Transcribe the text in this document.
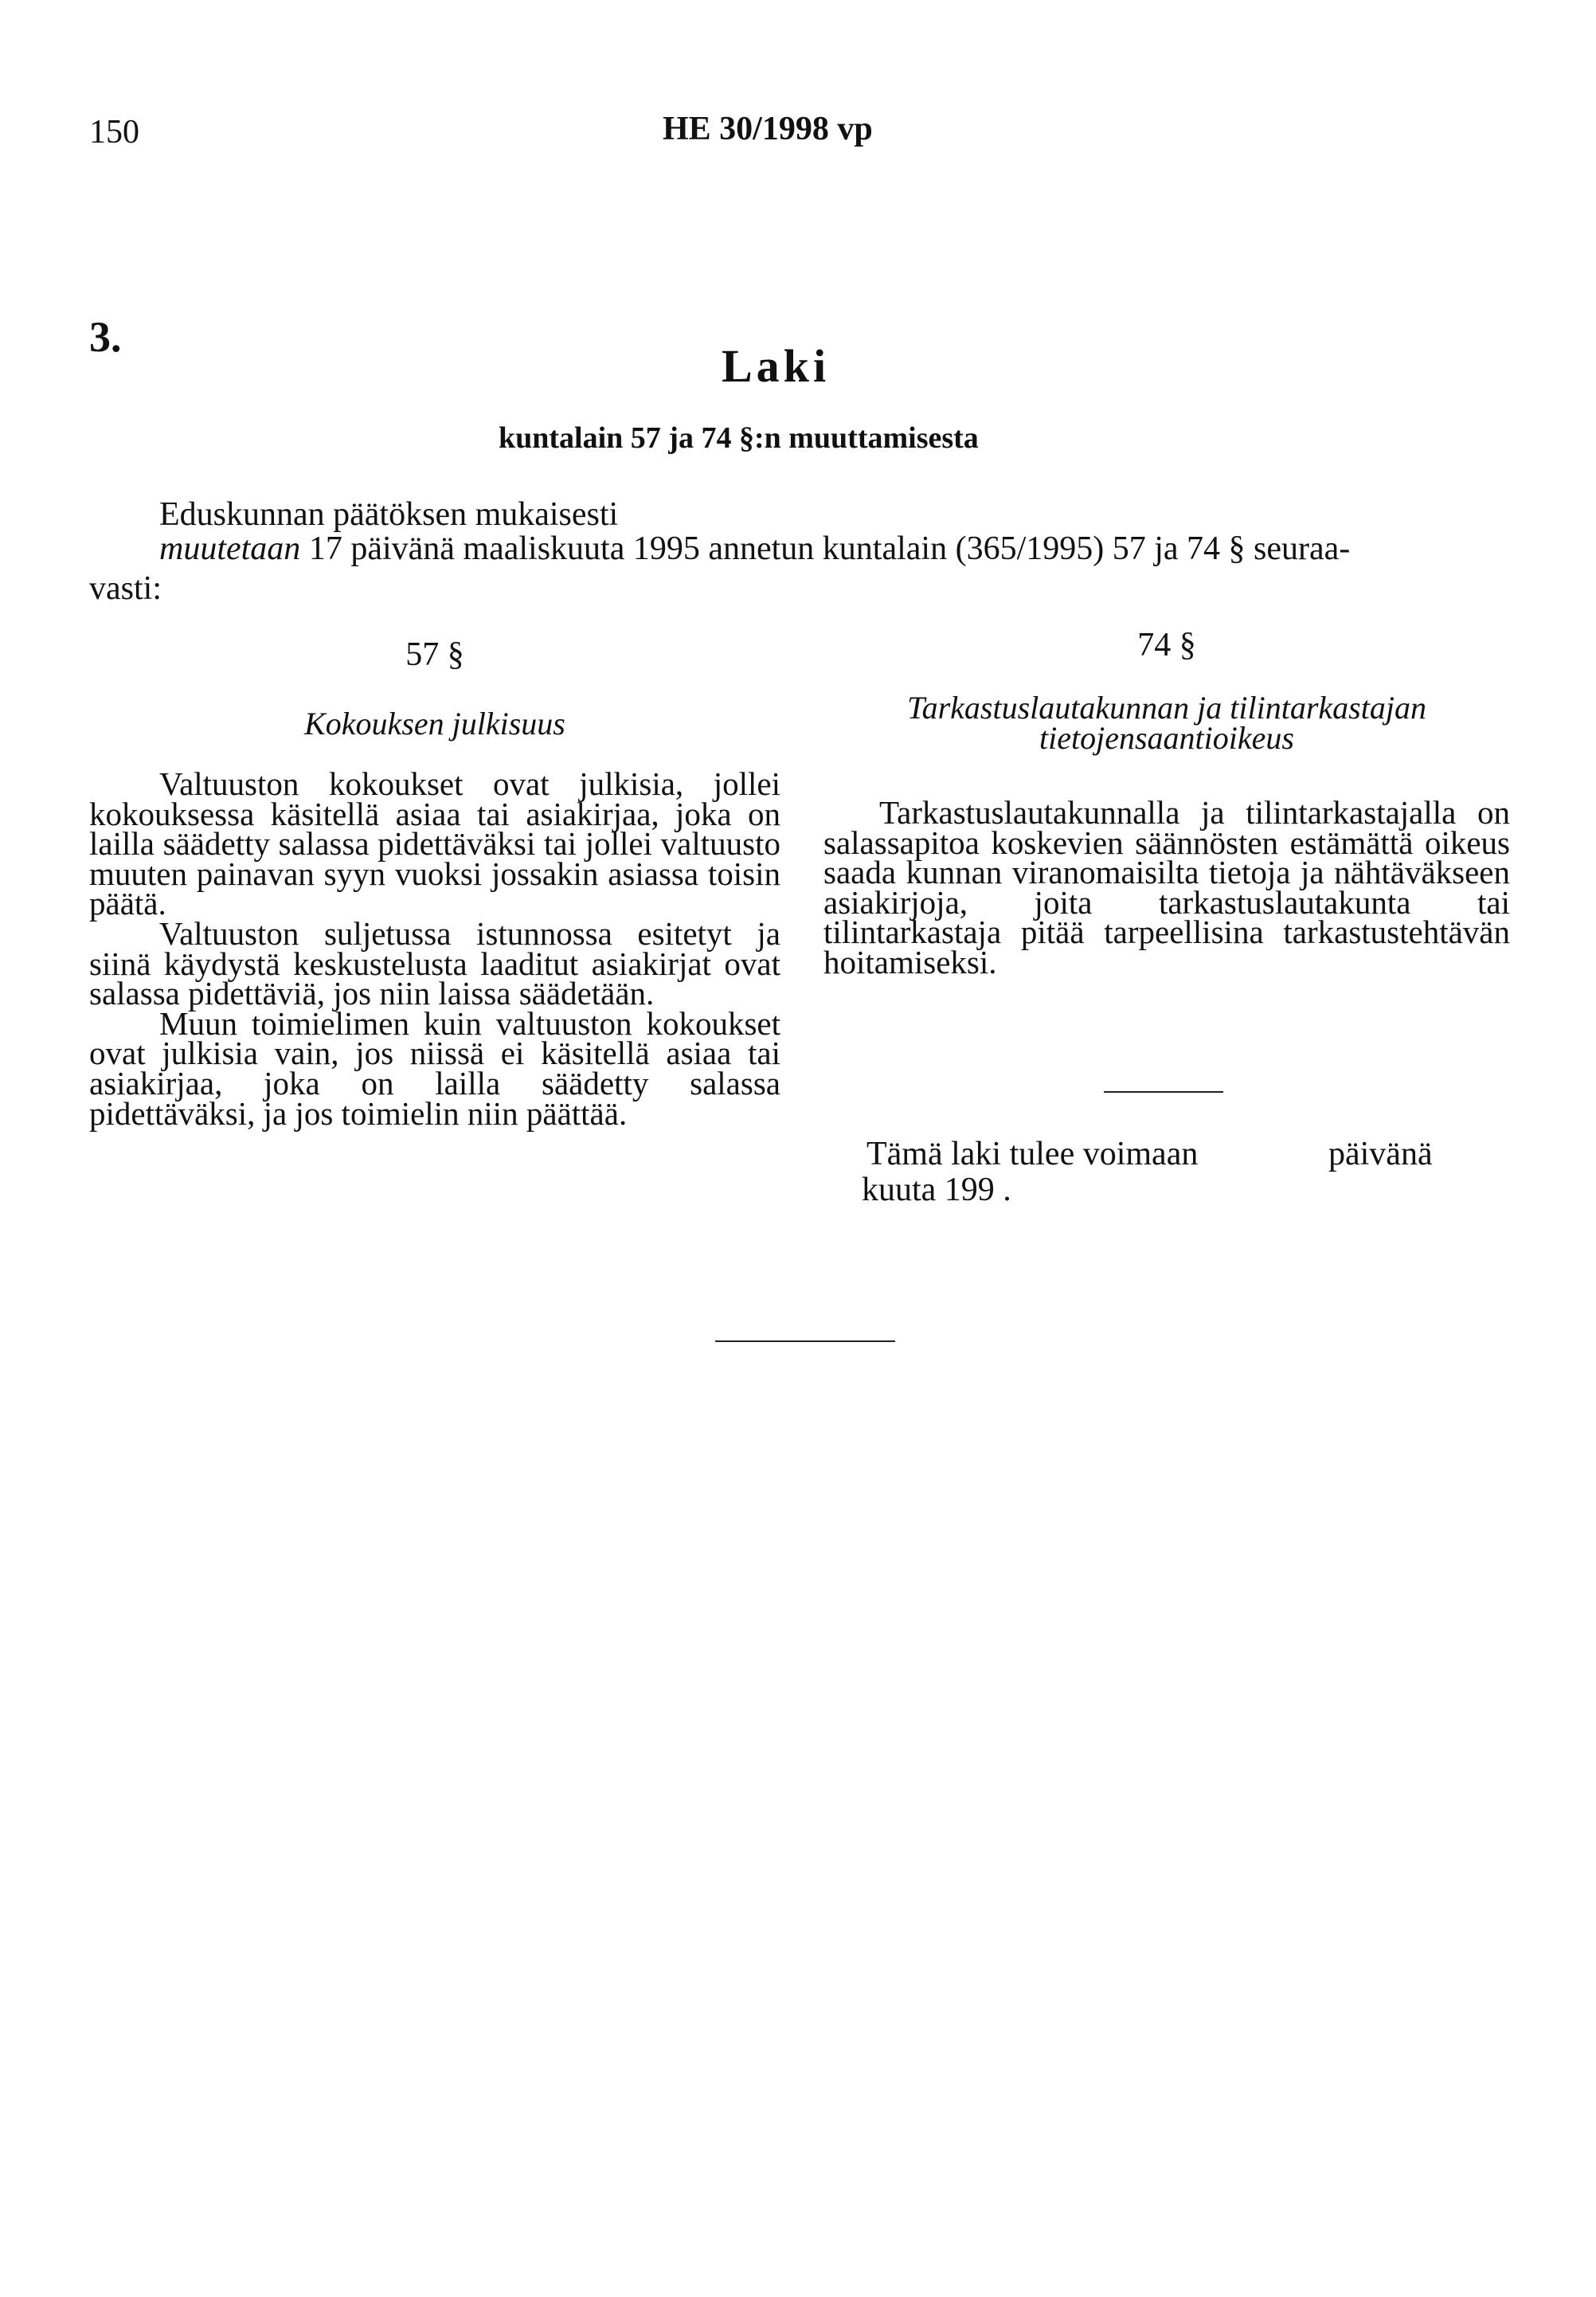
150	HE 30/1998 vp
3.
Laki
kuntalain 57 ja 74 §:n muuttamisesta
Eduskunnan päätöksen mukaisesti
muutetaan 17 päivänä maaliskuuta 1995 annetun kuntalain (365/1995) 57 ja 74 § seuraa-
vasti:
57 §
Kokouksen julkisuus

Valtuuston kokoukset ovat julkisia, jollei kokouksessa käsitellä asiaa tai asiakirjaa, joka on lailla säädetty salassa pidettäväksi tai jollei valtuusto muuten painavan syyn vuoksi jossakin asiassa toisin päätä.

Valtuuston suljetussa istunnossa esitetyt ja siinä käydystä keskustelusta laaditut asiakirjat ovat salassa pidettäviä, jos niin laissa säädetään.

Muun toimielimen kuin valtuuston kokoukset ovat julkisia vain, jos niissä ei käsitellä asiaa tai asiakirjaa, joka on lailla säädetty salassa pidettäväksi, ja jos toimielin niin päättää.

74 §
Tarkastuslautakunnan ja tilintarkastajan tietojensaantioikeus

Tarkastuslautakunnalla ja tilintarkastajalla on salassapitoa koskevien säännösten estämättä oikeus saada kunnan viranomaisilta tietoja ja nähtäväkseen asiakirjoja, joita tarkastuslautakunta tai tilintarkastaja pitää tarpeellisina tarkastustehtävän hoitamiseksi.

Tämä laki tulee voimaan	päivänä
kuuta 199 .
